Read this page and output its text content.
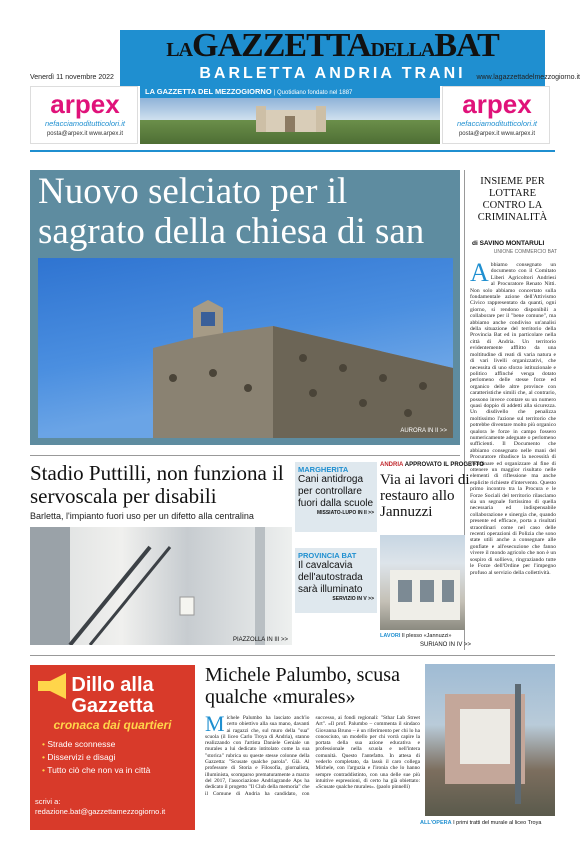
LAGAZZETTADELLABAT
BARLETTA ANDRIA TRANI
Venerdì 11 novembre 2022	www.lagazzettadelmezzogiorno.it
arpex
nefacciamoditutticolori.it
posta@arpex.it www.arpex.it
LA GAZZETTA DEL MEZZOGIORNO | Quotidiano fondato nel 1887	arpex
nefacciamoditutticolori.it
posta@arpex.it www.arpex.it
Nuovo selciato per il sagrato della chiesa di san
AURORA IN II >>
INSIEME PER LOTTARE CONTRO LA CRIMINALITÀ
di SAVINO MONTARULI
UNIONE COMMERCIO BAT
Abbiamo consegnato un documento con il Comitato Liberi Agricoltori Andriesi al Procuratore Renato Nitti. Non solo abbiamo concertato sulla fondamentale azione dell'Attivismo Civico rappresentato da quanti, ogni giorno, si rendono disponibili a collaborare per il "bene comune", ma abbiamo anche condiviso un'analisi della situazione del territorio della Provincia Bat ed in particolare nella città di Andria. Un territorio evidentemente afflitto da una moltitudine di reati di varia natura e di vari livelli organizzativi, che necessita di uno sforzo istituzionale e politico affinché venga dotato perlomeno delle stesse forze ed organico delle altre province con caratteristiche simili che, al contrario, possono invece contare su un numero quasi doppio di addetti alla sicurezza. Un disdivello che penalizza moltissimo l'azione sul territorio che potrebbe diventare molto più organico qualora le forze in campo fossero numericamente adeguate o perlomeno sufficienti. Il Documento che abbiamo consegnato nelle mani del Procuratore ribadisce la necessità di coordinare ed organizzare al fine di ottenere un maggior risultato nelle elementi di riflessione ma anche esplicite richieste d'intervento. Questo primo incontro tra la Procura e le Forze Sociali del territorio rilasciamo sia un segnale fortissimo di quella necessaria ed indispensabile collaborazione e sinergia che, quando presente ed efficace, porta a risultati straordinari come nel caso delle recenti operazioni di Polizia che sono state utili anche a consegnare alle gonfiate e all'esecuzione che fanno vivere il mondo agricolo che non è un sospiro di sollievo, ringraziando tutte le Forze dell'Ordine per l'impegno profuso al servizio della collettività.
Stadio Puttilli, non funziona il servoscala per disabili
Barletta, l'impianto fuori uso per un difetto alla centralina
PIAZZOLLA IN III >>
MARGHERITA
Cani antidroga per controllare fuori dalla scuole
MISSIATO-LUPO IN II >>
PROVINCIA BAT
Il cavalcavia dell'autostrada sarà illuminato
SERVIZIO IN V >>
ANDRIA APPROVATO IL PROGETTO
Via ai lavori di restauro allo Jannuzzi
LAVORI Il plesso «Jannuzzi»
SURIANO IN IV >>
Dillo alla Gazzetta
cronaca dai quartieri
• Strade sconnesse
• Disservizi e disagi
• Tutto ciò che non va in città
scrivi a:
redazione.bat@gazzettamezzogiorno.it
Michele Palumbo, scusa qualche «murales»
Michele Palumbo ha lasciato anch'io certo obiettivo alla sua mano, davanti ai ragazzi che, sul muro della "sua" scuola (il liceo Carlo Troya di Andria), stanno realizzando con l'artista Daniele Geniale un murales a lui dedicato intitolato come la sua "storica" rubrica su queste stesse colonne della Gazzetta: "Scusate qualche parola". Già. Al professore di Storia e Filosofia, giornalista, illuminista, scomparso prematuramente a marzo del 2017, l'associazione Andriagrande Aps ha dedicato il progetto "Il Club della memoria" che il Comune di Andria ha candidato, con successo, ai fondi regionali: "Sthar Lab Street Art". «Il prof. Palumbo – commenta il sindaco Giovanna Bruno – è un riferimento per chi lo ha conosciuto, un modello per chi vorrà capire la portata della sua azione educativa e professionale nella scuola e nell'intera comunità. Questo l'antefatto. In attesa di vederlo completato, da lassù il caro collega Michele, con l'arguzia e l'ironia che lo hanno sempre contraddistinto, con una delle sue più intuitive espressioni, di certo ha già obiettato: «Scusate qualche murales». (paolo pinnelli)
ALL'OPERA I primi tratti del murale al liceo Troya
